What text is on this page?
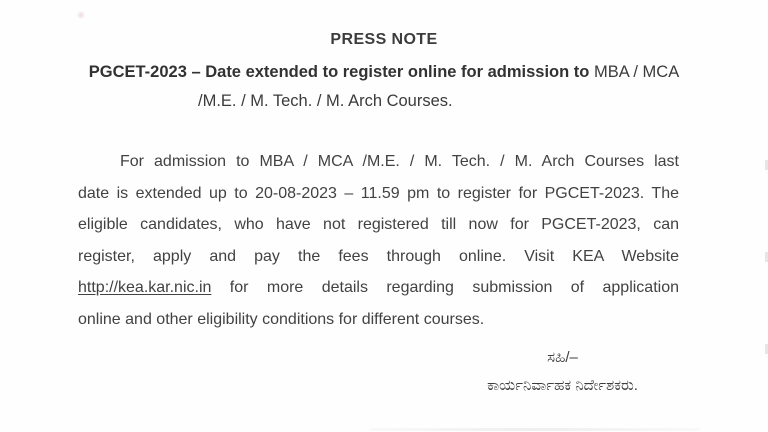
PRESS NOTE
PGCET-2023 – Date extended to register online for admission to MBA / MCA
/M.E. / M. Tech. / M. Arch Courses.
For admission to MBA / MCA /M.E. / M. Tech. / M. Arch Courses last
date is extended up to 20-08-2023 – 11.59 pm to register for PGCET-2023. The
eligible candidates, who have not registered till now for PGCET-2023, can
register, apply and pay the fees through online. Visit KEA Website
http://kea.kar.nic.in for more details regarding submission of application
online and other eligibility conditions for different courses.
ಸಹಿ/–
ಕಾರ್ಯನಿರ್ವಾಹಕ ನಿರ್ದೇಶಕರು.
